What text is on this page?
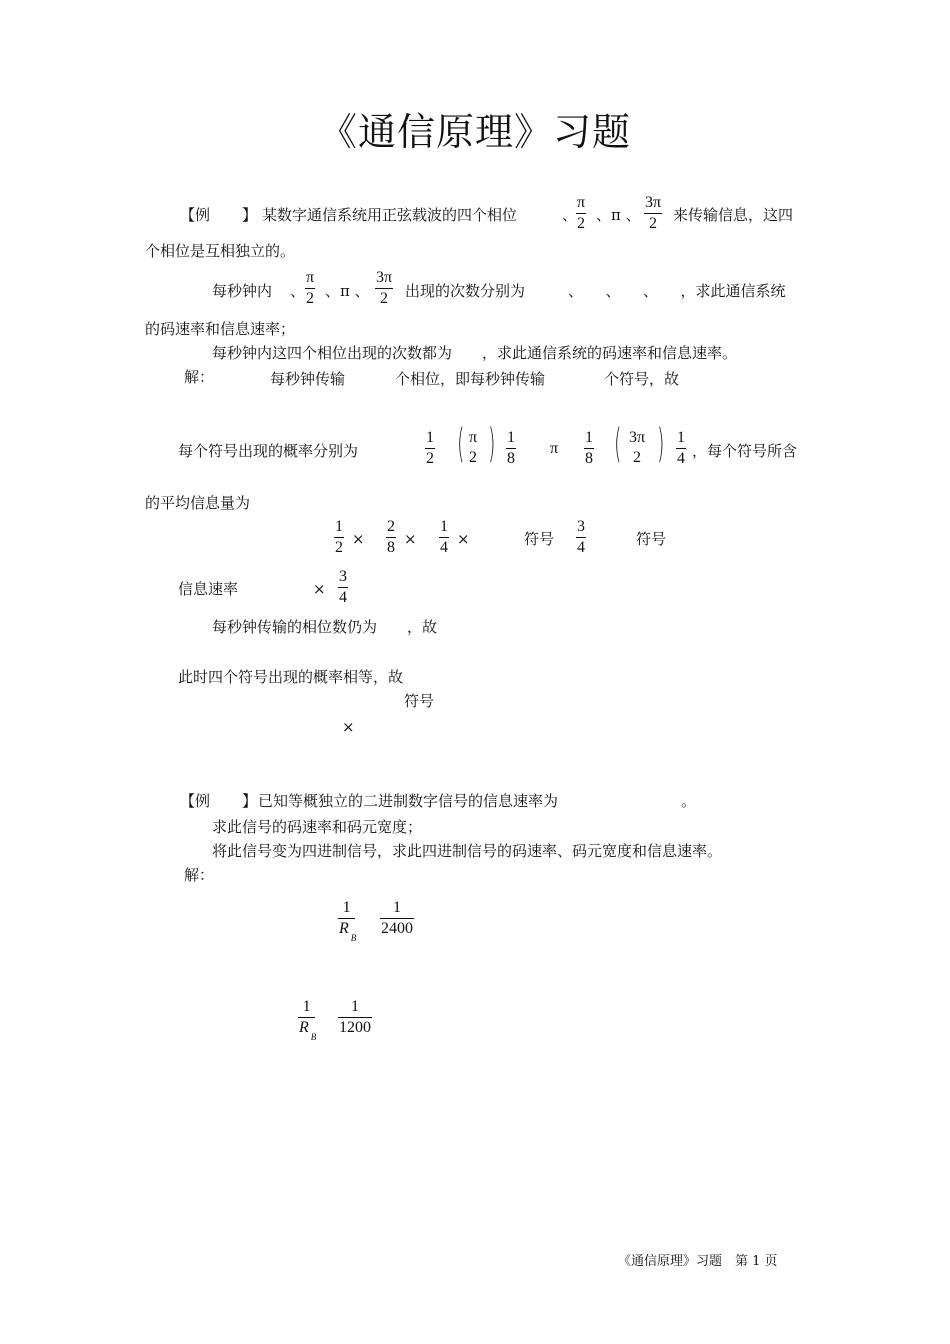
《通信原理》习题
【例 】 某数字通信系统用正弦载波的四个相位	、
$\frac{\pi}{2}$ 、π 、 $\frac{3\pi}{2}$ 来传输信息，这四
个相位是互相独立的。
每秒钟内 、 $\frac{\pi}{2}$ 、π 、 $\frac{3\pi}{2}$ 出现的次数分别为	、　　、　　、　　，求此通信系统
的码速率和信息速率；
每秒钟内这四个相位出现的次数都为　　，求此通信系统的码速率和信息速率。
解：	每秒钟传输	个相位，即每秒钟传输	个符号，故
每个符号出现的概率分别为	$\frac{1}{2}$ ( π
2 ) $\frac{1}{8}$ π $\frac{1}{8}$ ( 3π
2 ) $\frac{1}{4}$ ，每个符号所含
的平均信息量为
$\frac{1}{2} \times \frac{2}{8} \times \frac{1}{4}$ ×	符号 $\frac{3}{4}$	符号
信息速率	× $\frac{3}{4}$
每秒钟传输的相位数仍为　　，故
此时四个符号出现的概率相等，故
符号
×
【例 】 已知等概独立的二进制数字信号的信息速率为	。
求此信号的码速率和码元宽度；
将此信号变为四进制信号，求此四进制信号的码速率、码元宽度和信息速率。
解：
$\frac{1}{R_B} \frac{1}{2400}$
$\frac{1}{R_B} \frac{1}{1200}$
《通信原理》习题　第 1 页
